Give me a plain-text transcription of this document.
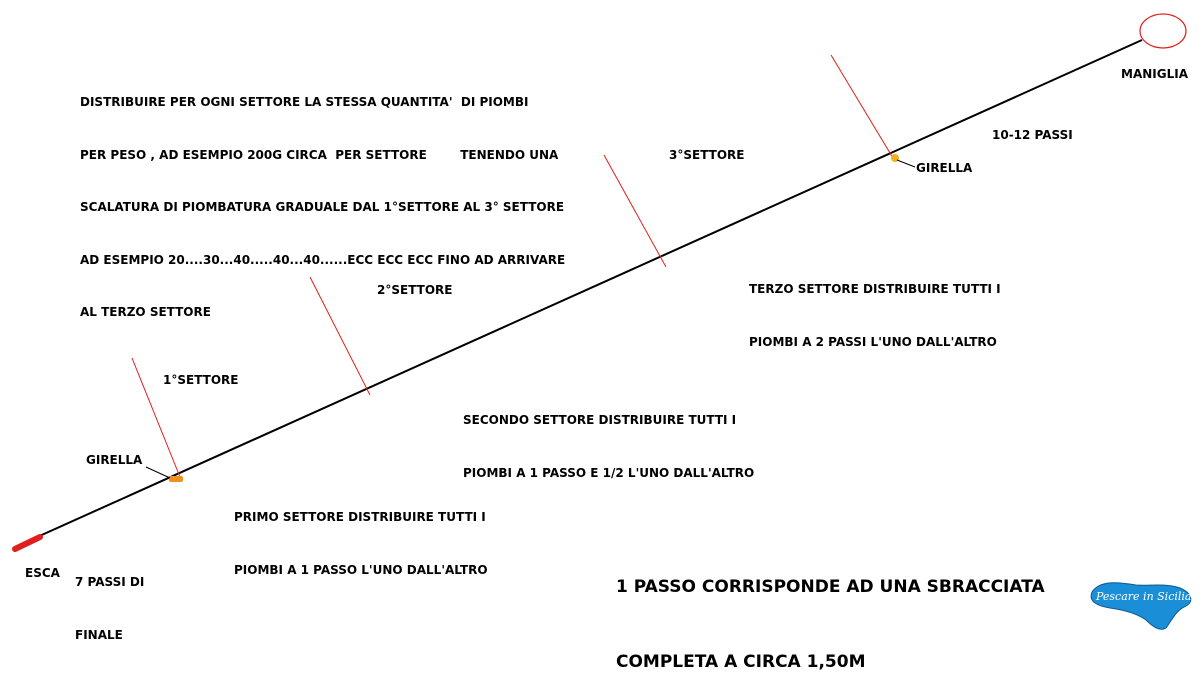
Pescare in Sicilia

DISTRIBUIRE PER OGNI SETTORE LA STESSA QUANTITA'  DI PIOMBI

PER PESO , AD ESEMPIO 200G CIRCA  PER SETTORE        TENENDO UNA

SCALATURA DI PIOMBATURA GRADUALE DAL 1°SETTORE AL 3° SETTORE

AD ESEMPIO 20....30...40.....40...40......ECC ECC ECC FINO AD ARRIVARE

AL TERZO SETTORE

MANIGLIA
10-12 PASSI
GIRELLA
3°SETTORE
2°SETTORE
1°SETTORE

TERZO SETTORE DISTRIBUIRE TUTTI I

PIOMBI A 2 PASSI L'UNO DALL'ALTRO

SECONDO SETTORE DISTRIBUIRE TUTTI I

PIOMBI A 1 PASSO E 1/2 L'UNO DALL'ALTRO

PRIMO SETTORE DISTRIBUIRE TUTTI I

PIOMBI A 1 PASSO L'UNO DALL'ALTRO

GIRELLA

7 PASSI DI

FINALE

ESCA

1 PASSO CORRISPONDE AD UNA SBRACCIATA

COMPLETA A CIRCA 1,50M
